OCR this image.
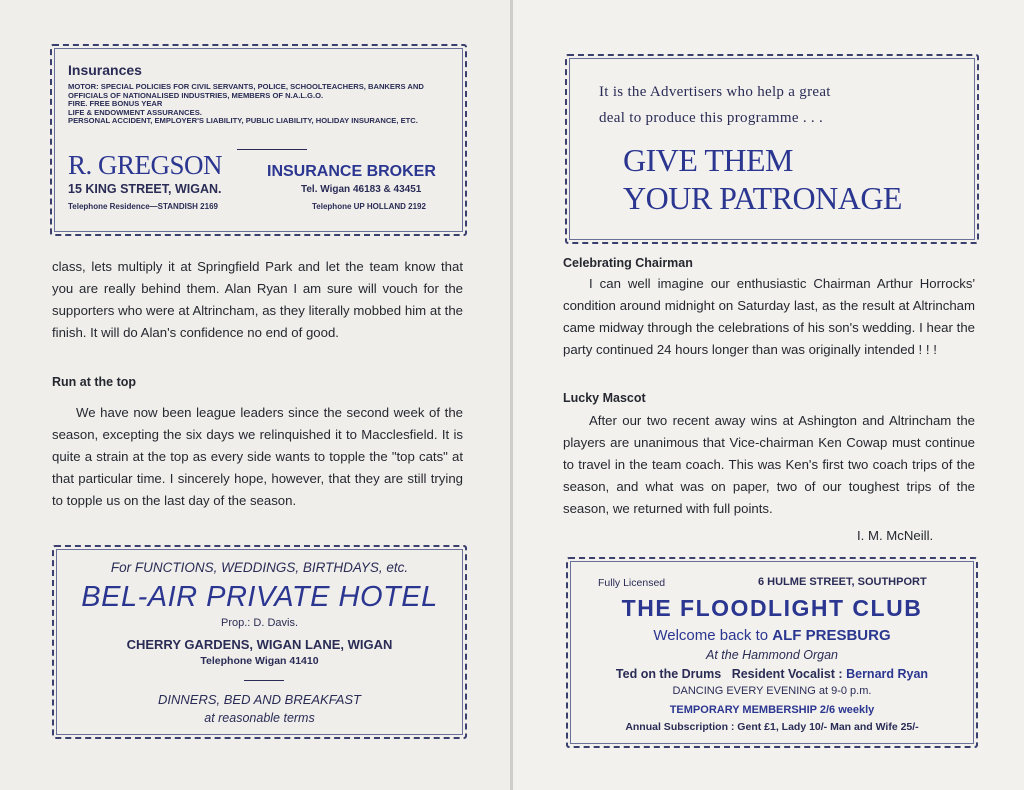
Insurances
MOTOR: SPECIAL POLICIES FOR CIVIL SERVANTS, POLICE, SCHOOLTEACHERS, BANKERS AND OFFICIALS OF NATIONALISED INDUSTRIES, MEMBERS OF N.A.L.G.O.
FIRE. FREE BONUS YEAR
LIFE & ENDOWMENT ASSURANCES.
PERSONAL ACCIDENT, EMPLOYER'S LIABILITY, PUBLIC LIABILITY, HOLIDAY INSURANCE, ETC.
R. GREGSON	INSURANCE BROKER
15 KING STREET, WIGAN.	Tel. Wigan 46183 & 43451
Telephone Residence—STANDISH 2169	Telephone UP HOLLAND 2192

class, lets multiply it at Springfield Park and let the team know that you are really behind them. Alan Ryan I am sure will vouch for the supporters who were at Altrincham, as they literally mobbed him at the finish. It will do Alan's confidence no end of good.

Run at the top

We have now been league leaders since the second week of the season, excepting the six days we relinquished it to Macclesfield. It is quite a strain at the top as every side wants to topple the "top cats" at that particular time. I sincerely hope, however, that they are still trying to topple us on the last day of the season.

For FUNCTIONS, WEDDINGS, BIRTHDAYS, etc.
BEL-AIR PRIVATE HOTEL
Prop.: D. Davis.
CHERRY GARDENS, WIGAN LANE, WIGAN
Telephone Wigan 41410
DINNERS, BED AND BREAKFAST
at reasonable terms
It is the Advertisers who help a great
deal to produce this programme . . .
GIVE THEM
YOUR PATRONAGE
Celebrating Chairman

I can well imagine our enthusiastic Chairman Arthur Horrocks' condition around midnight on Saturday last, as the result at Altrincham came midway through the celebrations of his son's wedding. I hear the party continued 24 hours longer than was originally intended ! ! !

Lucky Mascot

After our two recent away wins at Ashington and Altrincham the players are unanimous that Vice-chairman Ken Cowap must continue to travel in the team coach. This was Ken's first two coach trips of the season, and what was on paper, two of our toughest trips of the season, we returned with full points.

I. M. McNeill.
Fully Licensed	6 HULME STREET, SOUTHPORT
THE FLOODLIGHT CLUB
Welcome back to ALF PRESBURG
At the Hammond Organ
Ted on the Drums Resident Vocalist : Bernard Ryan
DANCING EVERY EVENING at 9-0 p.m.
TEMPORARY MEMBERSHIP 2/6 weekly
Annual Subscription : Gent £1, Lady 10/- Man and Wife 25/-
